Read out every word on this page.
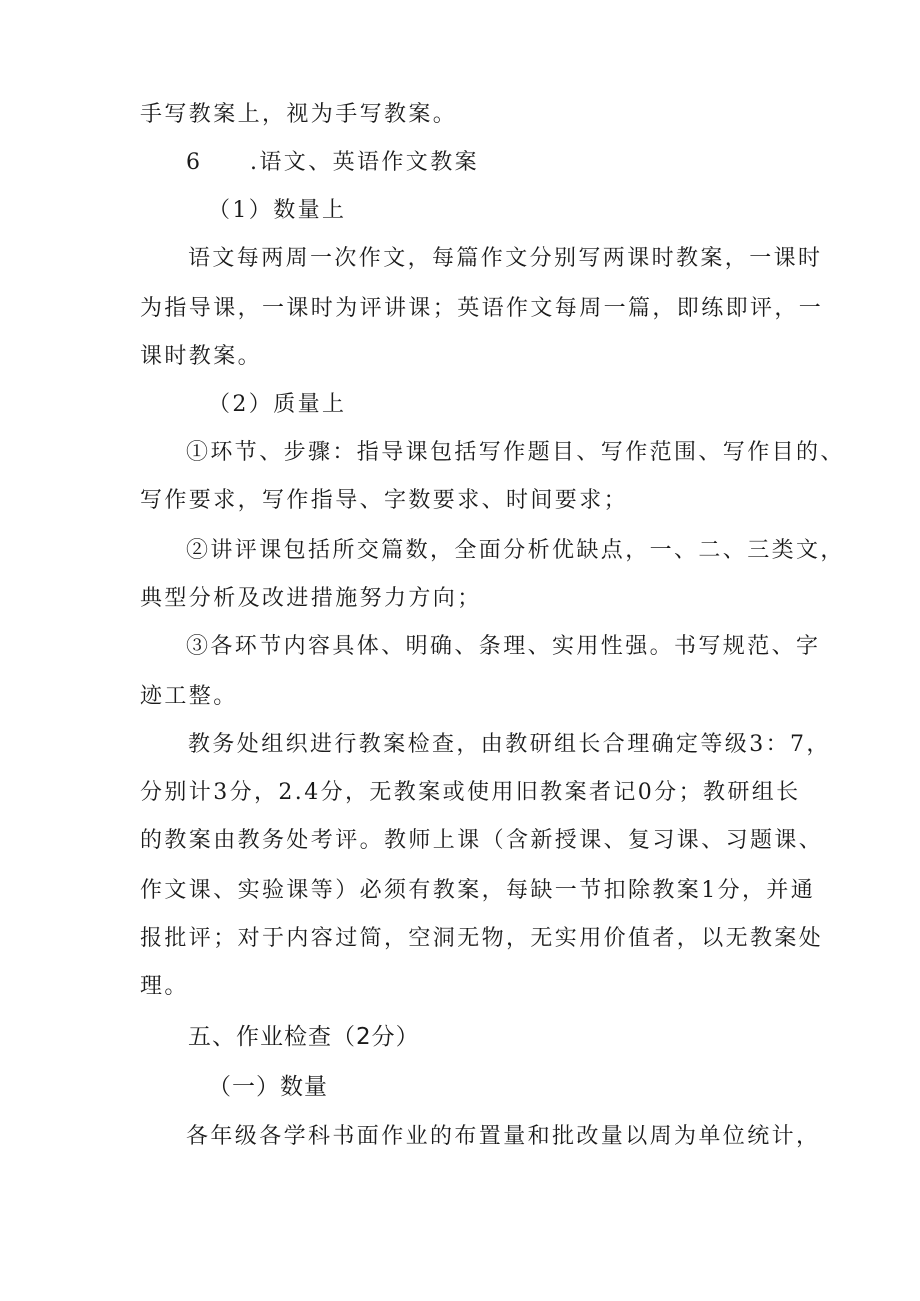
手写教案上，视为手写教案。
6 .语文、英语作文教案
（1）数量上
语文每两周一次作文，每篇作文分别写两课时教案，一课时
为指导课，一课时为评讲课；英语作文每周一篇，即练即评，一
课时教案。
（2）质量上
①环节、步骤：指导课包括写作题目、写作范围、写作目的、
写作要求，写作指导、字数要求、时间要求；
②讲评课包括所交篇数，全面分析优缺点，一、二、三类文，
典型分析及改进措施努力方向；
③各环节内容具体、明确、条理、实用性强。书写规范、字
迹工整。
教务处组织进行教案检查，由教研组长合理确定等级3：7，
分别计3分，2.4分，无教案或使用旧教案者记0分；教研组长
的教案由教务处考评。教师上课（含新授课、复习课、习题课、
作文课、实验课等）必须有教案，每缺一节扣除教案1分，并通
报批评；对于内容过简，空洞无物，无实用价值者，以无教案处
理。
五、作业检查（2分）
（一）数量
各年级各学科书面作业的布置量和批改量以周为单位统计，
